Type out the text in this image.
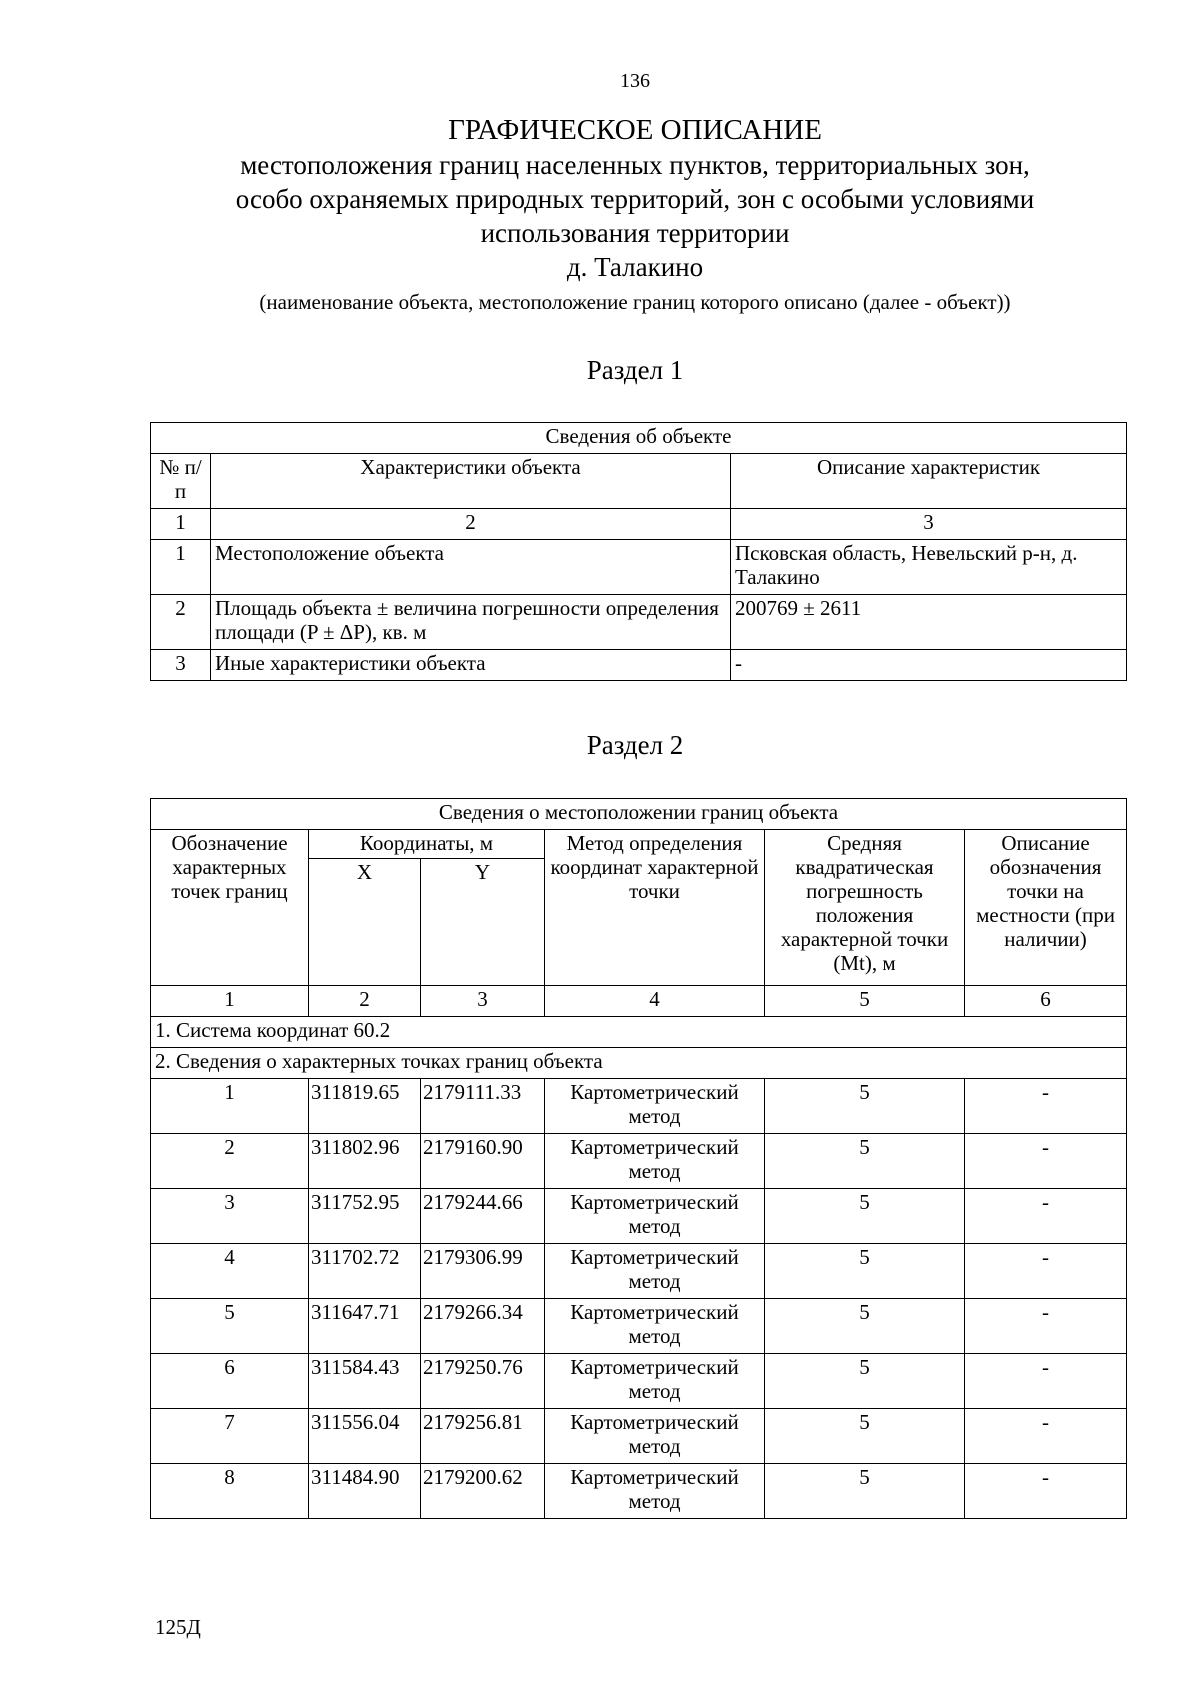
136
ГРАФИЧЕСКОЕ ОПИСАНИЕ
местоположения границ населенных пунктов, территориальных зон,
особо охраняемых природных территорий, зон с особыми условиями
использования территории
д. Талакино
(наименование объекта, местоположение границ которого описано (далее - объект))
Раздел 1
Сведения об объекте		
№ п/п	Характеристики объекта	Описание характеристик
1	2	3
1	Местоположение объекта	Псковская область, Невельский р-н, д. Талакино
2	Площадь объекта ± величина погрешности определения площади (P ± ΔP), кв. м	200769 ± 2611
3	Иные характеристики объекта	-
Раздел 2
Сведения о местоположении границ объекта					
Обозначение характерных точек границ	Координаты, м		Метод определения координат характерной точки	Средняя квадратическая погрешность положения характерной точки (Mt), м	Описание обозначения точки на местности (при наличии)
	X	Y			
1	2	3	4	5	6
1. Система координат 60.2					
2. Сведения о характерных точках границ объекта					
1	311819.65	2179111.33	Картометрический метод	5	-
2	311802.96	2179160.90	Картометрический метод	5	-
3	311752.95	2179244.66	Картометрический метод	5	-
4	311702.72	2179306.99	Картометрический метод	5	-
5	311647.71	2179266.34	Картометрический метод	5	-
6	311584.43	2179250.76	Картометрический метод	5	-
7	311556.04	2179256.81	Картометрический метод	5	-
8	311484.90	2179200.62	Картометрический метод	5	-
125Д
